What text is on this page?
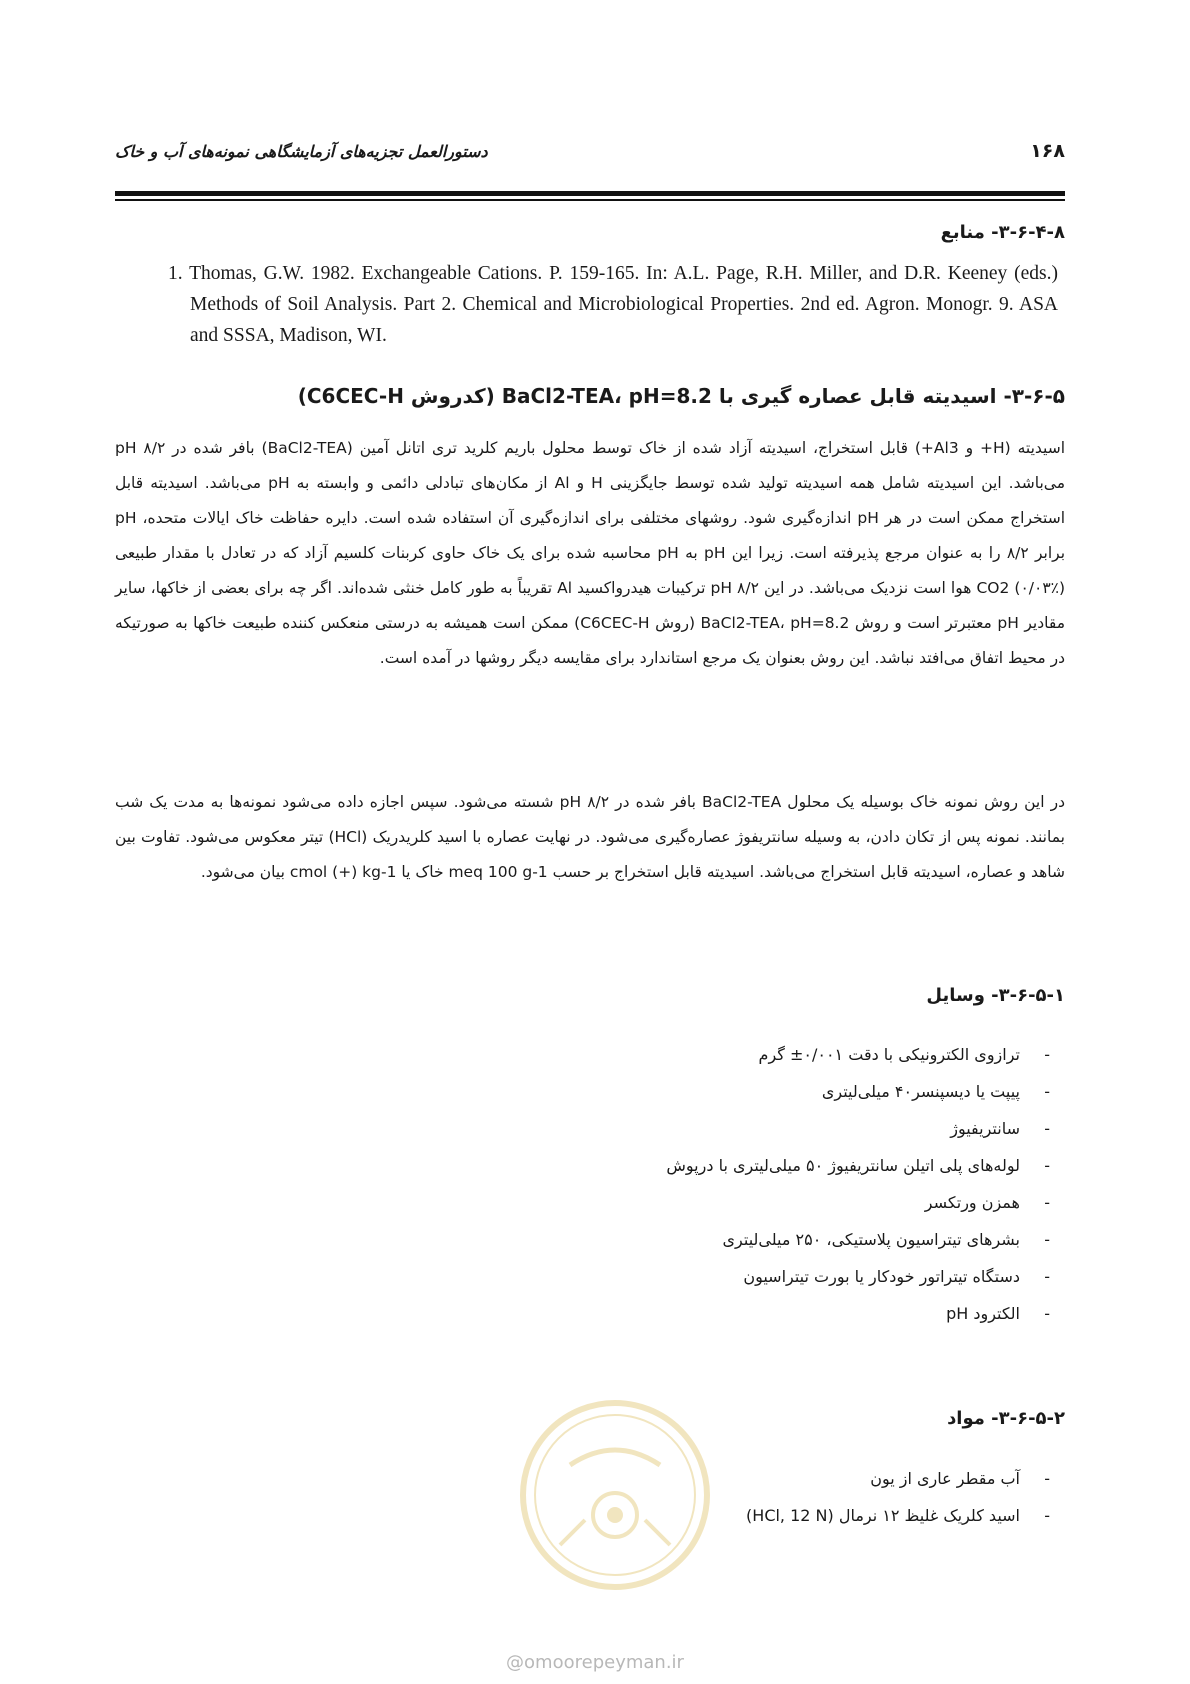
۱۶۸
دستورالعمل تجزیه‌های آزمایشگاهی نمونه‌های آب و خاک
۳-۶-۴-۸- منابع
1. Thomas, G.W. 1982. Exchangeable Cations. P. 159-165. In: A.L. Page, R.H. Miller, and D.R. Keeney (eds.) Methods of Soil Analysis. Part 2. Chemical and Microbiological Properties. 2nd ed. Agron. Monogr. 9. ASA and SSSA, Madison, WI.
۳-۶-۵- اسیدیته قابل عصاره گیری با BaCl2-TEA، pH=8.2 (کدروش C6CEC-H)

اسیدیته (H+ و Al3+) قابل استخراج، اسیدیته آزاد شده از خاک توسط محلول باریم کلرید تری اتانل آمین (BaCl2-TEA) بافر شده در pH ۸/۲ می‌باشد. این اسیدیته شامل همه اسیدیته تولید شده توسط جایگزینی H و Al از مکان‌های تبادلی دائمی و وابسته به pH می‌باشد. اسیدیته قابل استخراج ممکن است در هر pH اندازه‌گیری شود. روشهای مختلفی برای اندازه‌گیری آن استفاده شده است. دایره حفاظت خاک ایالات متحده، pH برابر ۸/۲ را به عنوان مرجع پذیرفته است. زیرا این pH به pH محاسبه شده برای یک خاک حاوی کربنات کلسیم آزاد که در تعادل با مقدار طبیعی CO2 (۰/۰۳٪) هوا است نزدیک می‌باشد. در این pH ۸/۲ ترکیبات هیدرواکسید Al تقریباً به طور کامل خنثی شده‌اند. اگر چه برای بعضی از خاکها، سایر مقادیر pH معتبرتر است و روش BaCl2-TEA، pH=8.2 (روش C6CEC-H) ممکن است همیشه به درستی منعکس کننده طبیعت خاکها به صورتیکه در محیط اتفاق می‌افتد نباشد. این روش بعنوان یک مرجع استاندارد برای مقایسه دیگر روشها در آمده است.

در این روش نمونه خاک بوسیله یک محلول BaCl2-TEA بافر شده در pH ۸/۲ شسته می‌شود. سپس اجازه داده می‌شود نمونه‌ها به مدت یک شب بمانند. نمونه پس از تکان دادن، به وسیله سانتریفوژ عصاره‌گیری می‌شود. در نهایت عصاره با اسید کلریدریک (HCl) تیتر معکوس می‌شود. تفاوت بین شاهد و عصاره، اسیدیته قابل استخراج می‌باشد. اسیدیته قابل استخراج بر حسب meq 100 g-1 خاک یا cmol (+) kg-1 بیان می‌شود.

۳-۶-۵-۱- وسایل
-ترازوی الکترونیکی با دقت ۰/۰۰۱± گرم
-پیپت یا دیسپنسر۴۰ میلی‌لیتری
-سانتریفیوژ
-لوله‌های پلی اتیلن سانتریفیوژ ۵۰ میلی‌لیتری با درپوش
-همزن ورتکسر
-بشرهای تیتراسیون پلاستیکی، ۲۵۰ میلی‌لیتری
-دستگاه تیتراتور خودکار یا بورت تیتراسیون
-الکترود pH
۳-۶-۵-۲- مواد
-آب مقطر عاری از یون
-اسید کلریک غلیظ ۱۲ نرمال (HCl, 12 N)
@omoorepeyman.ir
